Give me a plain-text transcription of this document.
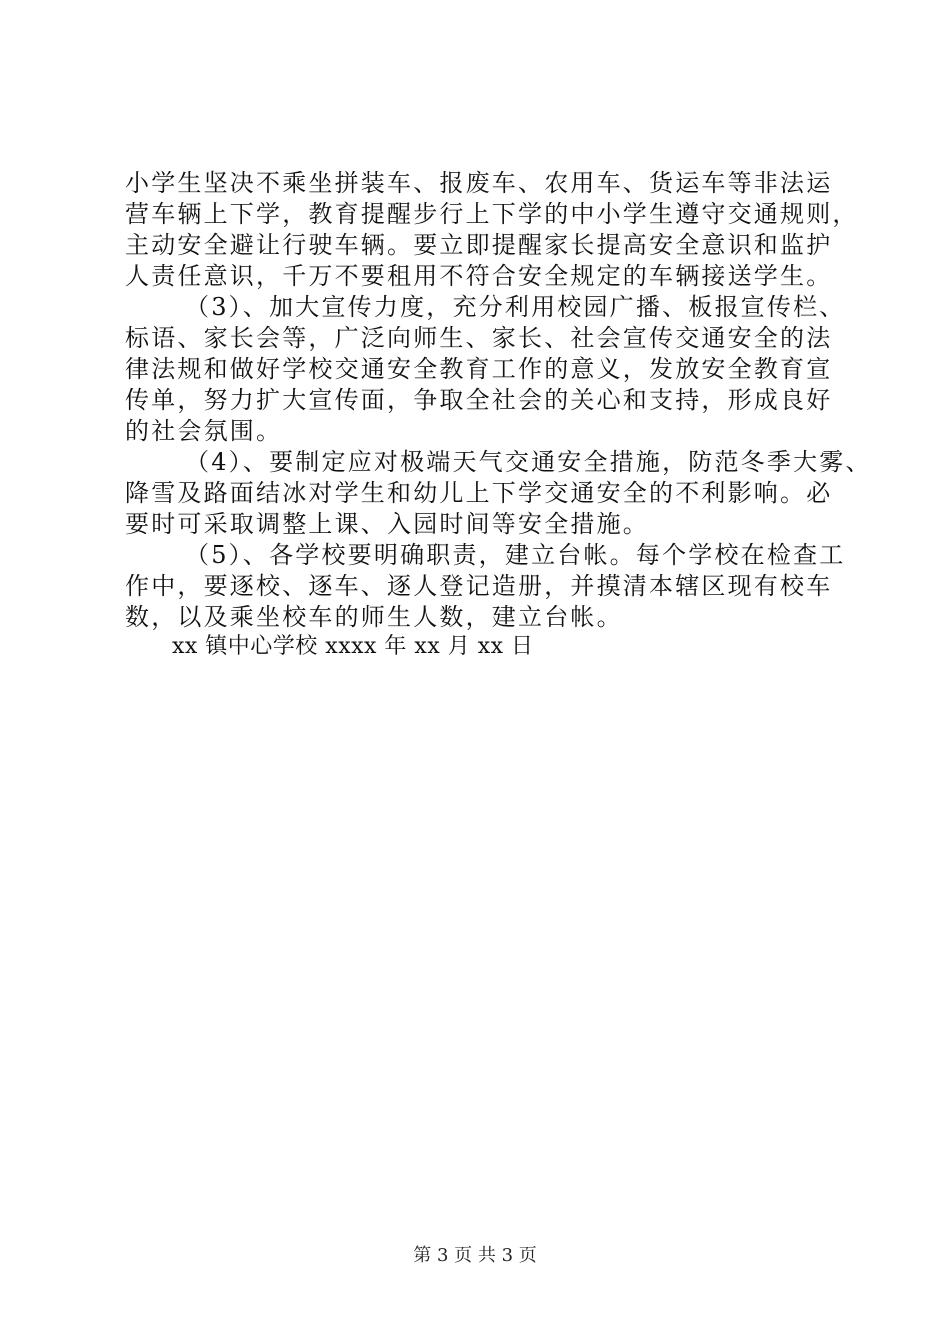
小学生坚决不乘坐拼装车、报废车、农用车、货运车等非法运
营车辆上下学，教育提醒步行上下学的中小学生遵守交通规则，
主动安全避让行驶车辆。要立即提醒家长提高安全意识和监护
人责任意识，千万不要租用不符合安全规定的车辆接送学生。
（3）、加大宣传力度，充分利用校园广播、板报宣传栏、
标语、家长会等，广泛向师生、家长、社会宣传交通安全的法
律法规和做好学校交通安全教育工作的意义，发放安全教育宣
传单，努力扩大宣传面，争取全社会的关心和支持，形成良好
的社会氛围。
（4）、要制定应对极端天气交通安全措施，防范冬季大雾、
降雪及路面结冰对学生和幼儿上下学交通安全的不利影响。必
要时可采取调整上课、入园时间等安全措施。
（5）、各学校要明确职责，建立台帐。每个学校在检查工
作中，要逐校、逐车、逐人登记造册，并摸清本辖区现有校车
数，以及乘坐校车的师生人数，建立台帐。
xx 镇中心学校 xxxx 年 xx 月 xx 日
第 3 页 共 3 页
